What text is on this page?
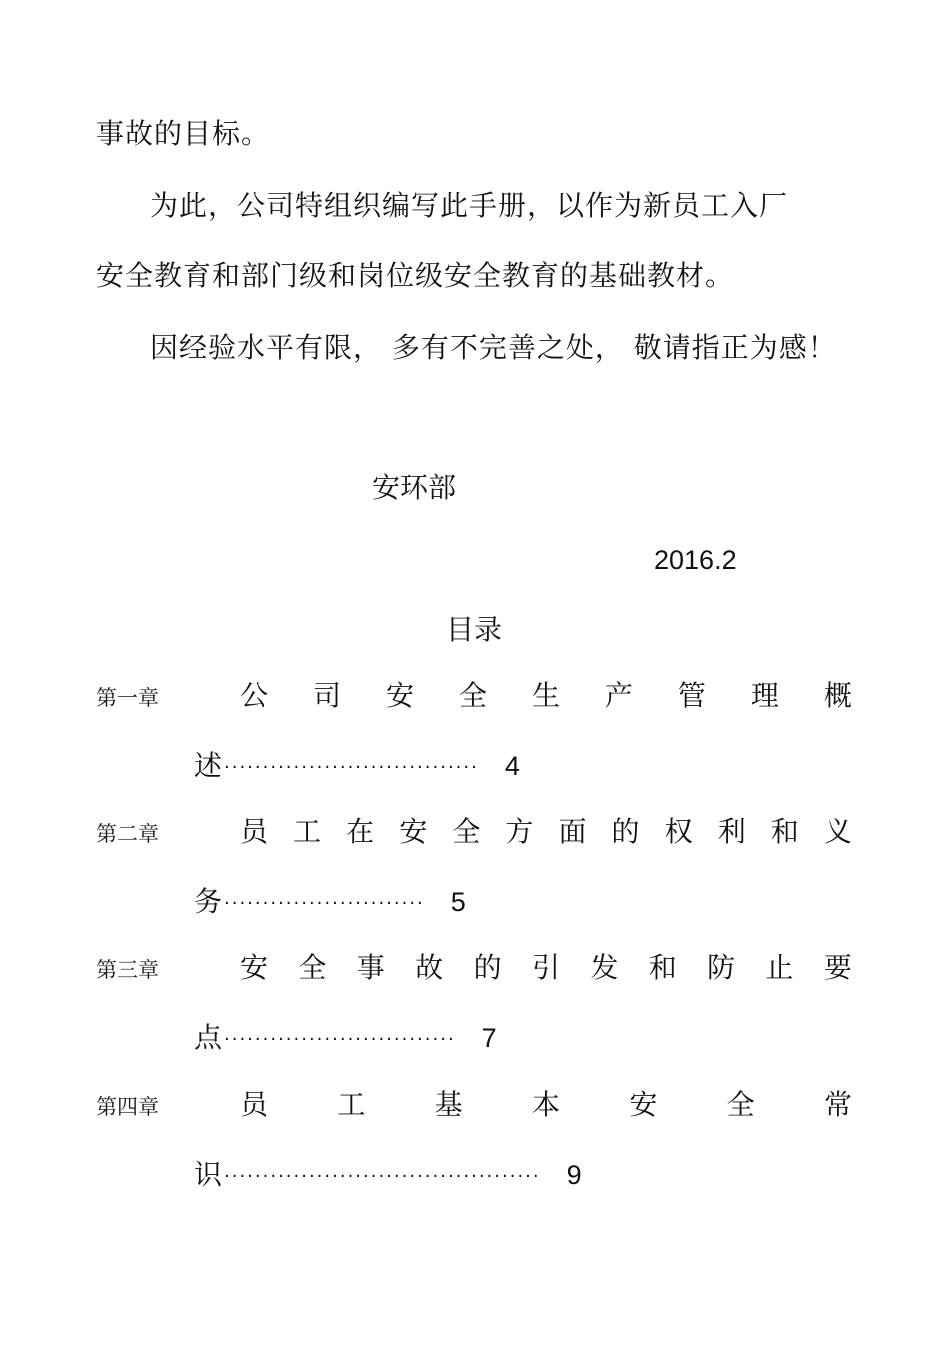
事故的目标。
为此，公司特组织编写此手册，以作为新员工入厂
安全教育和部门级和岗位级安全教育的基础教材。
因经验水平有限， 多有不完善之处， 敬请指正为感！
安环部
2016.2
目录
第一章	公 司 安 全 生 产 管 理 概
述 ································· 4
第二章	员 工 在 安 全 方 面 的 权 利 和 义
务 ·························· 5
第三章	安 全 事 故 的 引 发 和 防 止 要
点 ······························ 7
第四章	员 工 基 本 安 全 常
识 ········································· 9
